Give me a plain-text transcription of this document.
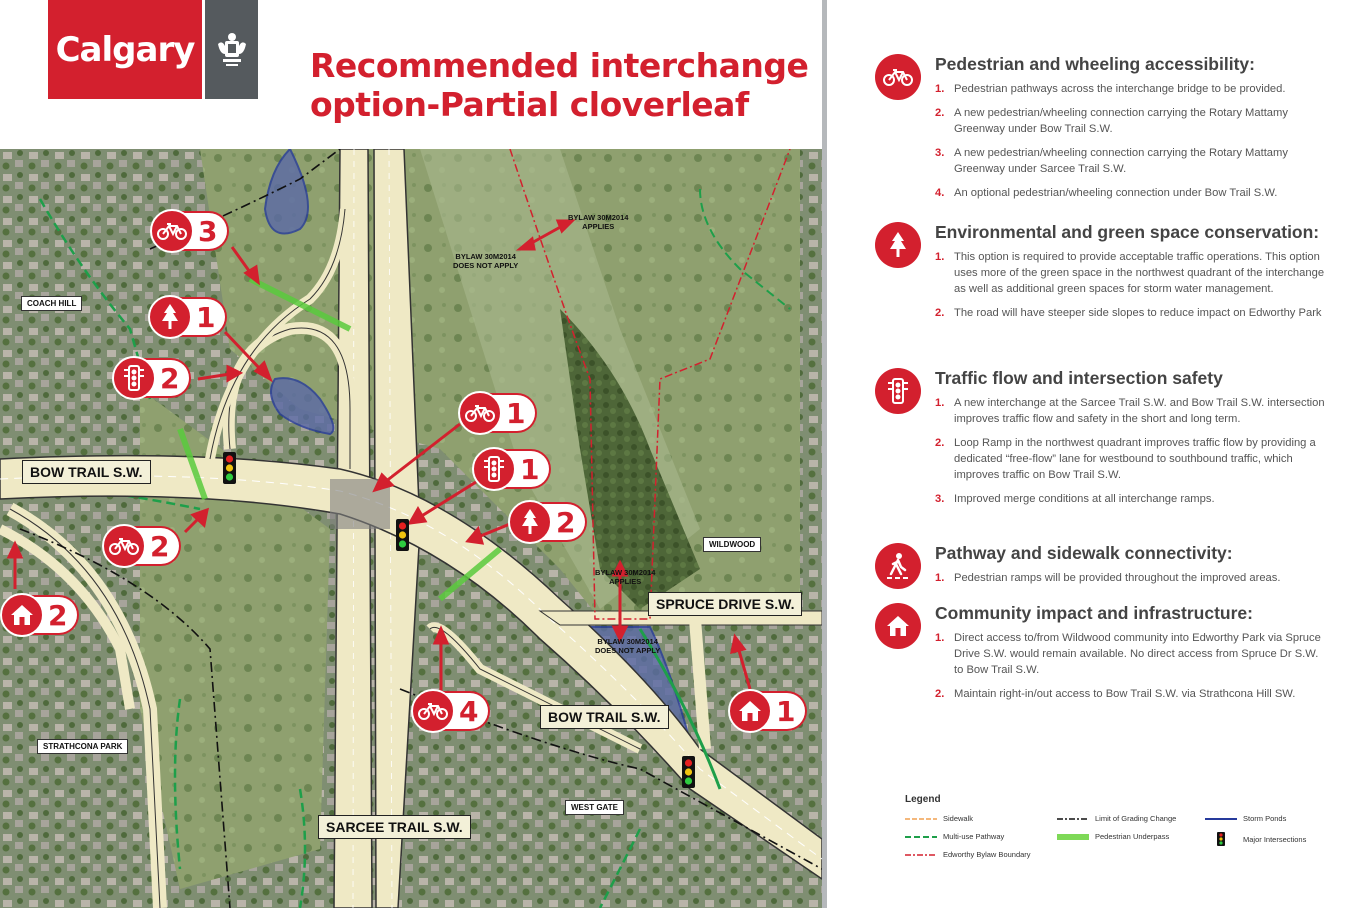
Calgary	Recommended interchange option-Partial cloverleaf
BOW TRAIL S.W.
BOW TRAIL S.W.
SARCEE TRAIL S.W.
SPRUCE DRIVE S.W.
COACH HILL
WILDWOOD
STRATHCONA PARK
WEST GATE
BYLAW 30M2014
APPLIES
BYLAW 30M2014
DOES NOT APPLY
BYLAW 30M2014
APPLIES
BYLAW 30M2014
DOES NOT APPLY
3
1
2
1
1
2
2
2
4	1
Pedestrian and wheeling accessibility:
1. Pedestrian pathways across the interchange bridge to be provided.
2. A new pedestrian/wheeling connection carrying the Rotary Mattamy Greenway under Bow Trail S.W.
3. A new pedestrian/wheeling connection carrying the Rotary Mattamy Greenway under Sarcee Trail S.W.
4. An optional pedestrian/wheeling connection under Bow Trail S.W.
Environmental and green space conservation:
1. This option is required to provide acceptable traffic operations. This option uses more of the green space in the northwest quadrant of the interchange as well as additional green spaces for storm water management.
2. The road will have steeper side slopes to reduce impact on Edworthy Park
Traffic flow and intersection safety
1. A new interchange at the Sarcee Trail S.W. and Bow Trail S.W. intersection improves traffic flow and safety in the short and long term.
2. Loop Ramp in the northwest quadrant improves traffic flow by providing a dedicated “free-flow” lane for westbound to southbound traffic, which improves traffic on Bow Trail S.W.
3. Improved merge conditions at all interchange ramps.
Pathway and sidewalk connectivity:
1. Pedestrian ramps will be provided throughout the improved areas.
Community impact and infrastructure:
1. Direct access to/from Wildwood community into Edworthy Park via Spruce Drive S.W. would remain available. No direct access from Spruce Dr S.W. to Bow Trail S.W.
2. Maintain right-in/out access to Bow Trail S.W. via Strathcona Hill SW.
Legend
Sidewalk
Multi-use Pathway
Edworthy Bylaw Boundary
Limit of Grading Change
Pedestrian Underpass
Storm Ponds
Major Intersections
